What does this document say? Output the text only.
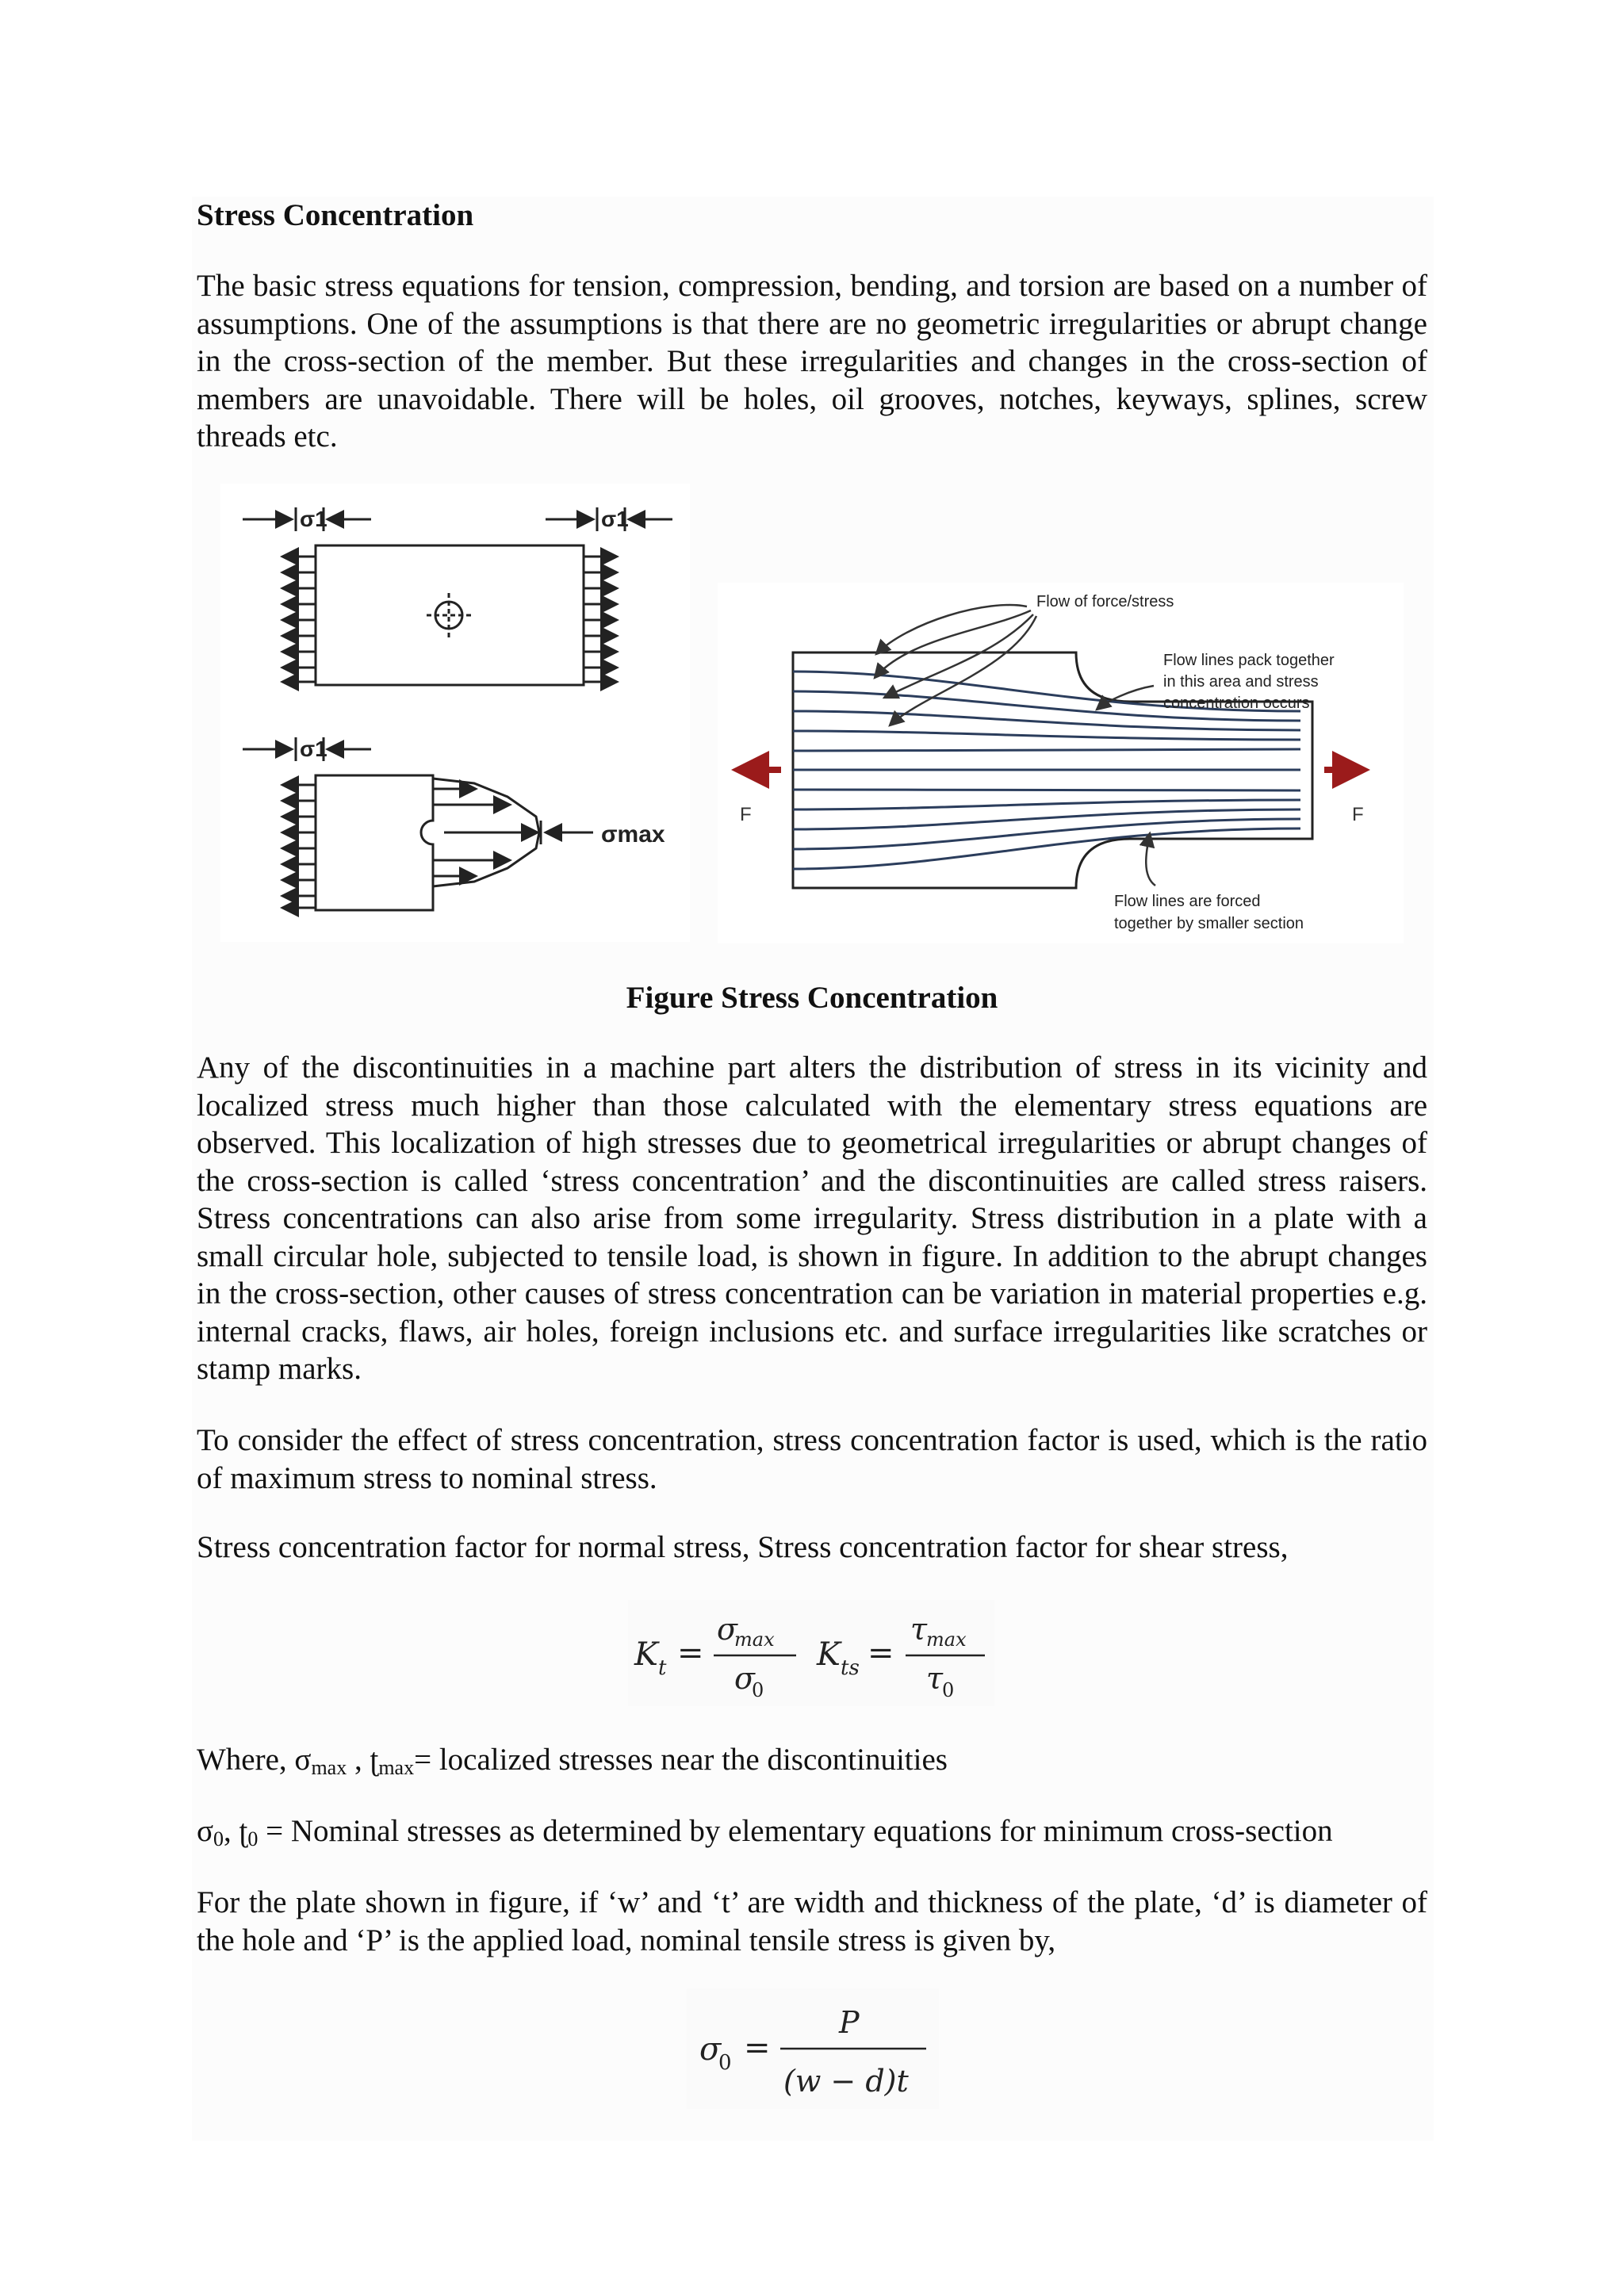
Stress Concentration

The basic stress equations for tension, compression, bending, and torsion are based on a number of assumptions. One of the assumptions is that there are no geometric irregularities or abrupt change in the cross-section of the member. But these irregularities and changes in the cross-section of members are unavoidable. There will be holes, oil grooves, notches, keyways, splines, screw threads etc.

σ1	σ1
σ1
σmax
F	F
Flow of force/stress
Flow lines pack together
in this area and stress
concentration occurs
Flow lines are forced
together by smaller section

Figure Stress Concentration

Any of the discontinuities in a machine part alters the distribution of stress in its vicinity and localized stress much higher than those calculated with the elementary stress equations are observed. This localization of high stresses due to geometrical irregularities or abrupt changes of the cross-section is called ‘stress concentration’ and the discontinuities are called stress raisers. Stress concentrations can also arise from some irregularity. Stress distribution in a plate with a small circular hole, subjected to tensile load, is shown in figure. In addition to the abrupt changes in the cross-section, other causes of stress concentration can be variation in material properties e.g. internal cracks, flaws, air holes, foreign inclusions etc. and surface irregularities like scratches or stamp marks.

To consider the effect of stress concentration, stress concentration factor is used, which is the ratio of maximum stress to nominal stress.

Stress concentration factor for normal stress, Stress concentration factor for shear stress,

K t =
σ
max
σ
0
K ts =
τ
max
τ
0

Where, $\sigma_{max}$ , ʈ$_{max}$= localized stresses near the discontinuities

$\sigma_0$, ʈ$_0$ = Nominal stresses as determined by elementary equations for minimum cross-section

For the plate shown in figure, if ‘w’ and ‘t’ are width and thickness of the plate, ‘d’ is diameter of the hole and ‘P’ is the applied load, nominal tensile stress is given by,

σ
0 =
P
(w − d)t
